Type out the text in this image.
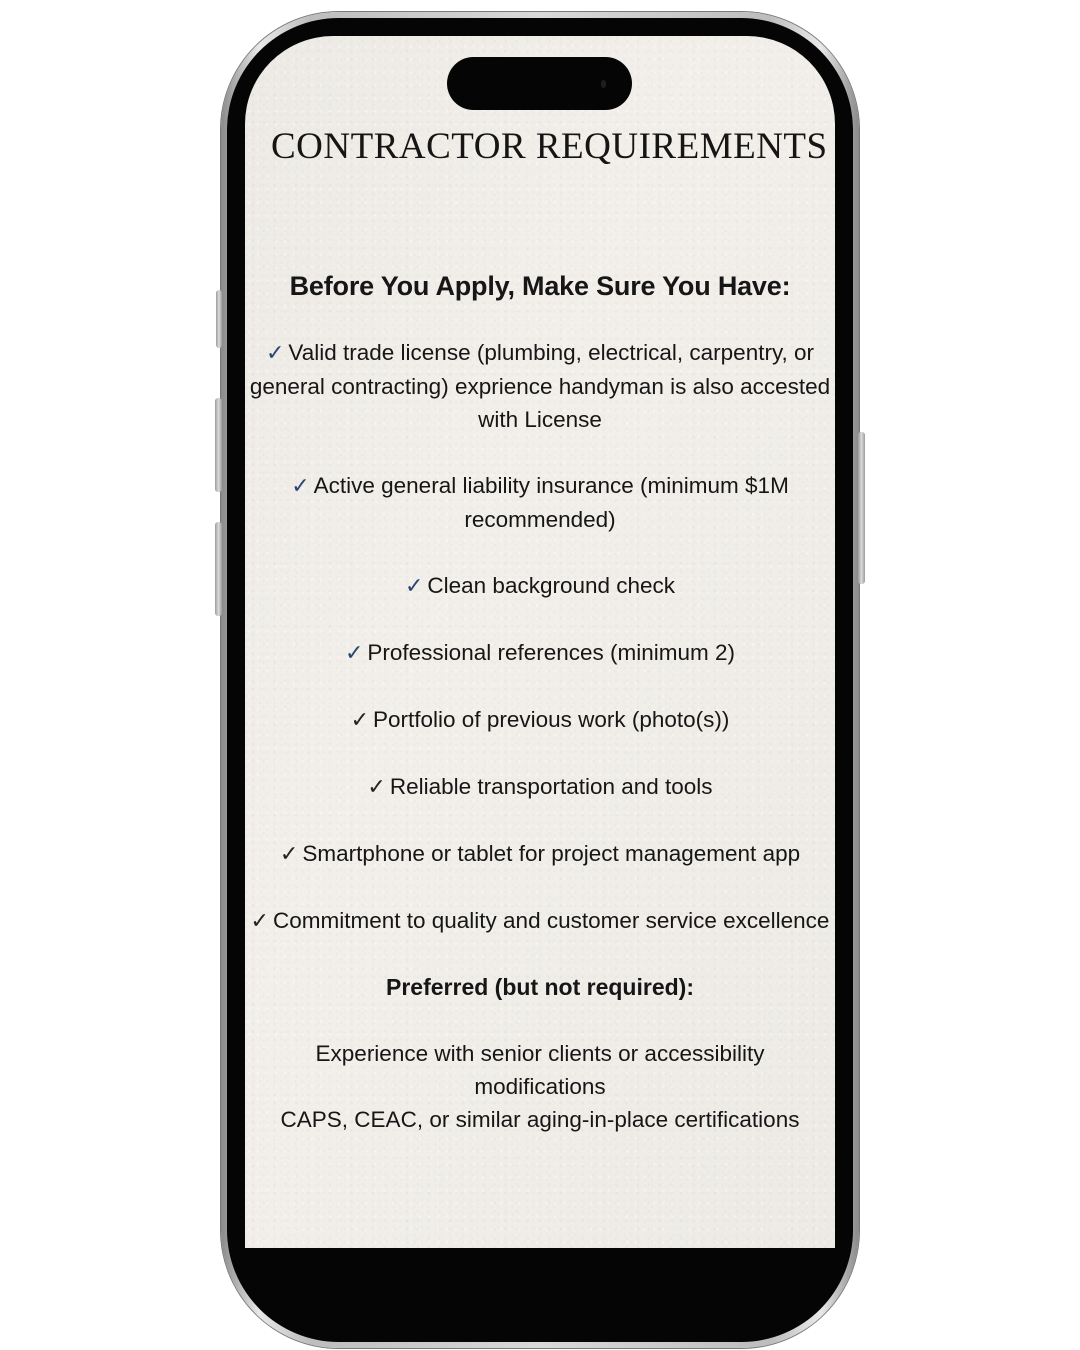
CONTRACTOR REQUIREMENTS
Before You Apply, Make Sure You Have:
✓ Valid trade license (plumbing, electrical, carpentry, or general contracting) exprience handyman is also accested with License
✓ Active general liability insurance (minimum $1M recommended)
✓ Clean background check
✓ Professional references (minimum 2)
✓ Portfolio of previous work (photo(s))
✓ Reliable transportation and tools
✓ Smartphone or tablet for project management app
✓ Commitment to quality and customer service excellence
Preferred (but not required):
Experience with senior clients or accessibility modifications
CAPS, CEAC, or similar aging-in-place certifications
